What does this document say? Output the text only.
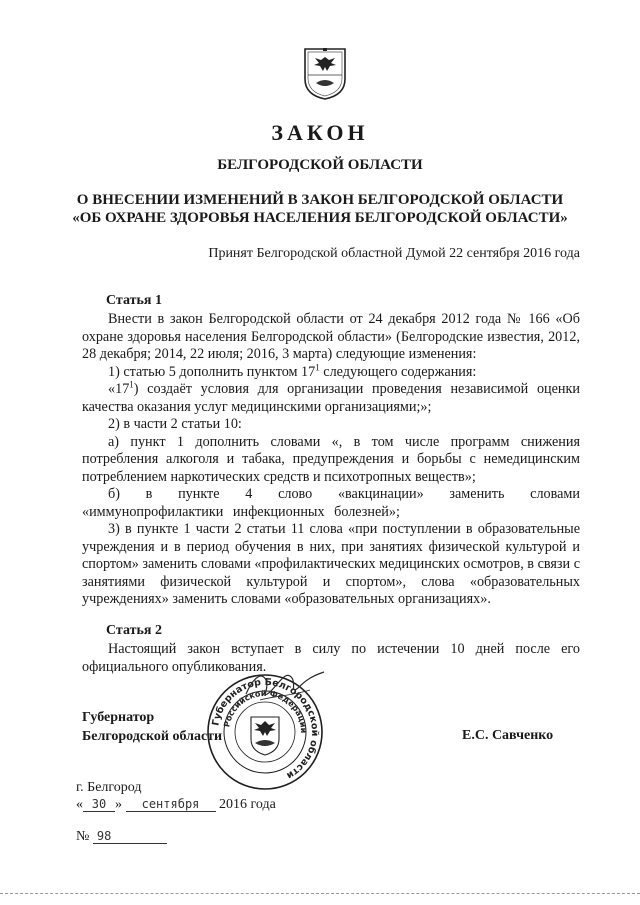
ЗАКОН
БЕЛГОРОДСКОЙ ОБЛАСТИ
О ВНЕСЕНИИ ИЗМЕНЕНИЙ В ЗАКОН БЕЛГОРОДСКОЙ ОБЛАСТИ
«ОБ ОХРАНЕ ЗДОРОВЬЯ НАСЕЛЕНИЯ БЕЛГОРОДСКОЙ ОБЛАСТИ»
Принят Белгородской областной Думой 22 сентября 2016 года
Статья 1

Внести в закон Белгородской области от 24 декабря 2012 года № 166 «Об охране здоровья населения Белгородской области» (Белгородские известия, 2012, 28 декабря; 2014, 22 июля; 2016, 3 марта) следующие изменения:

1) статью 5 дополнить пунктом $17^1$ следующего содержания:

«$17^1$) создаёт условия для организации проведения независимой оценки качества оказания услуг медицинскими организациями;»;

2) в части 2 статьи 10:

а) пункт 1 дополнить словами «, в том числе программ снижения потребления алкоголя и табака, предупреждения и борьбы с немедицинским потреблением наркотических средств и психотропных веществ»;

б) в пункте 4 слово «вакцинации» заменить словами «иммунопрофилактики инфекционных болезней»;

3) в пункте 1 части 2 статьи 11 слова «при поступлении в образовательные учреждения и в период обучения в них, при занятиях физической культурой и спортом» заменить словами «профилактических медицинских осмотров, в связи с занятиями физической культурой и спортом», слова «образовательных учреждениях» заменить словами «образовательных организациях».

Статья 2

Настоящий закон вступает в силу по истечении 10 дней после его официального опубликования.

Губернатор
Белгородской области	Е.С. Савченко
Губернатор Белгородской области
Российской Федерации
г. Белгород
« 30 » сентября 2016 года
№ 98
